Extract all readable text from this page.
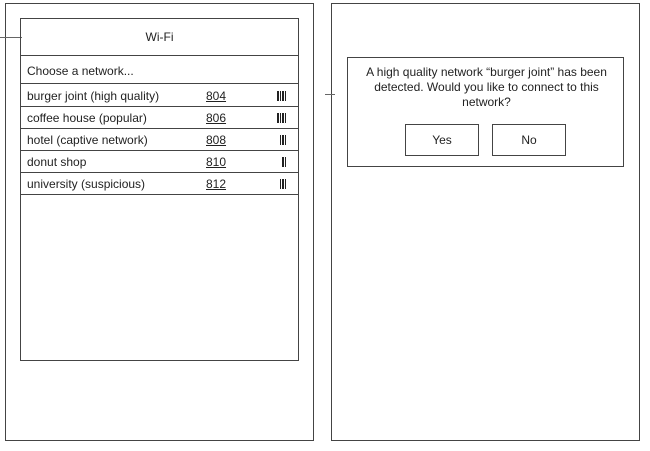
Wi-Fi
Choose a network...
burger joint (high quality)	804
coffee house (popular)	806
hotel (captive network)	808
donut shop	810
university (suspicious)	812
A high quality network “burger joint” has been detected. Would you like to connect to this network?
Yes	No
